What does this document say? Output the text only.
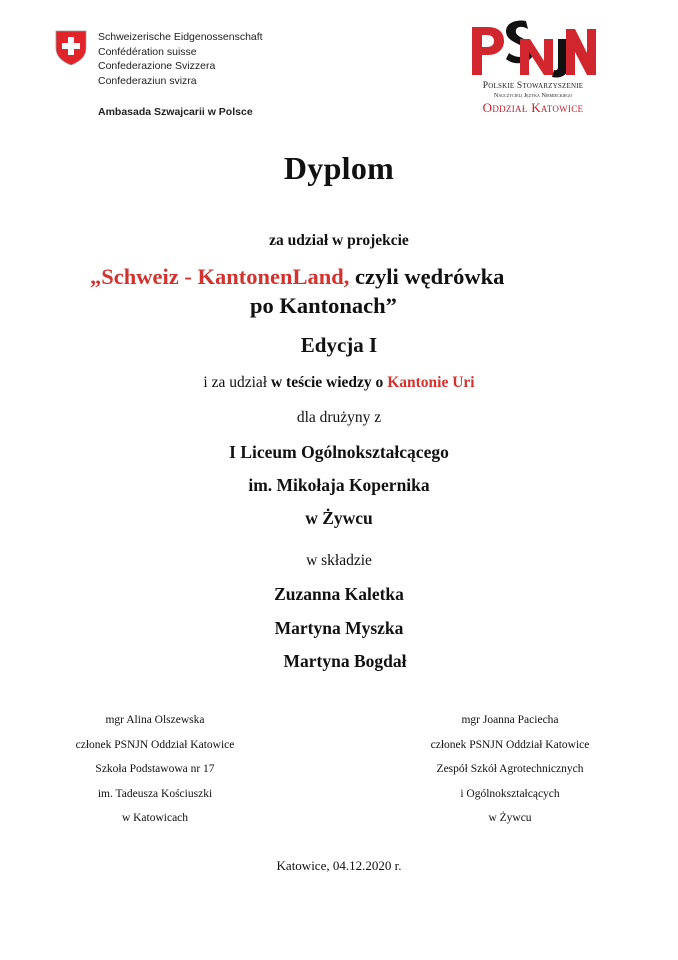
Schweizerische Eidgenossenschaft
Confédération suisse
Confederazione Svizzera
Confederaziun svizra
Ambasada Szwajcarii w Polsce
Polskie Stowarzyszenie
Nauczycieli Języka Niemieckiego
Oddział Katowice
Dyplom
za udział w projekcie
„Schweiz - KantonenLand, czyli wędrówka
po Kantonach”
Edycja I
i za udział w teście wiedzy o Kantonie Uri
dla drużyny z
I Liceum Ogólnokształcącego
im. Mikołaja Kopernika
w Żywcu
w składzie
Zuzanna Kaletka
Martyna Myszka
Martyna Bogdał
mgr Alina Olszewska
członek PSNJN Oddział Katowice
Szkoła Podstawowa nr 17
im. Tadeusza Kościuszki
w Katowicach
mgr Joanna Paciecha
członek PSNJN Oddział Katowice
Zespół Szkół Agrotechnicznych
i Ogólnokształcących
w Żywcu
Katowice, 04.12.2020 r.
